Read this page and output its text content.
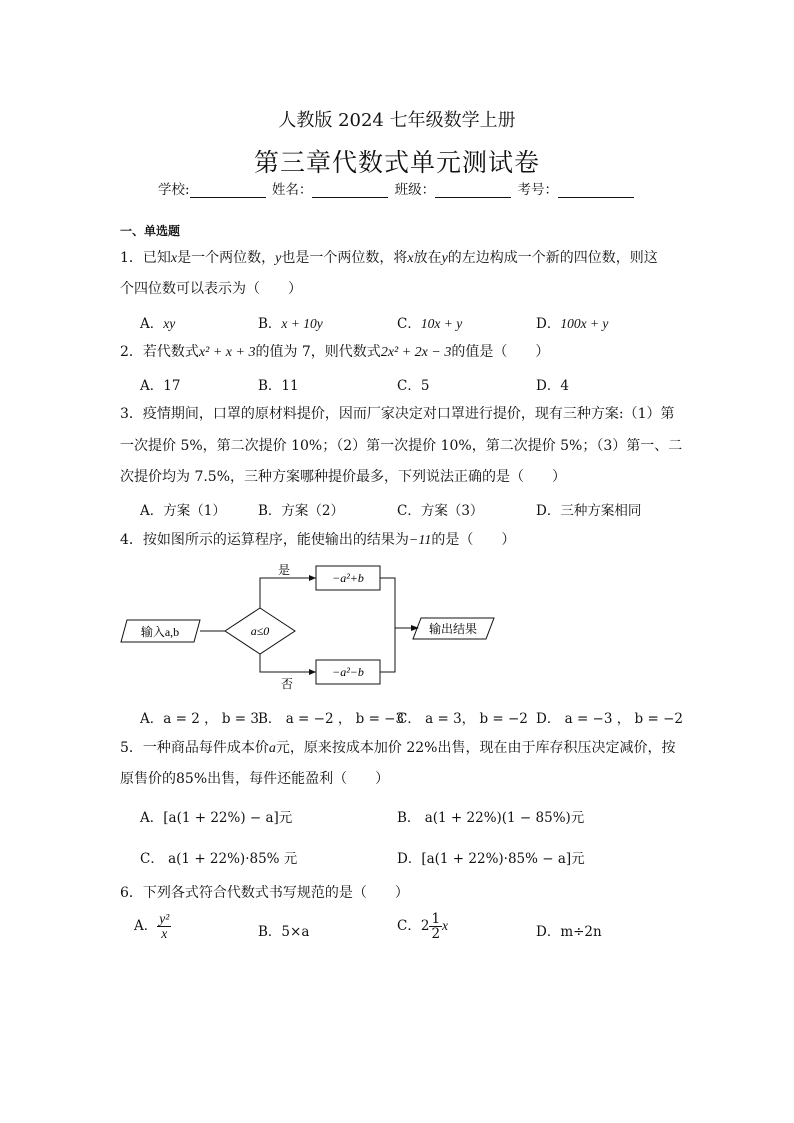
人教版 2024 七年级数学上册
第三章代数式单元测试卷
学校:	姓名：	班级：	考号：
一、单选题
1．已知x是一个两位数，y也是一个两位数，将x放在y的左边构成一个新的四位数，则这
个四位数可以表示为（　　）
A．xy	B．x + 10y	C．10x + y	D．100x + y
2．若代数式x² + x + 3的值为 7，则代数式2x² + 2x − 3的值是（　　）
A．17	B．11	C．5	D．4
3．疫情期间，口罩的原材料提价，因而厂家决定对口罩进行提价，现有三种方案:（1）第
一次提价 5%，第二次提价 10%；（2）第一次提价 10%，第二次提价 5%；（3）第一、二
次提价均为 7.5%，三种方案哪种提价最多，下列说法正确的是（　　）
A．方案（1） B．方案（2）	C．方案（3）	D．三种方案相同
4．按如图所示的运算程序，能使输出的结果为−11的是（　　）
输入a,b	a≤0
是
否
−a²+b
−a²−b
输出结果
A．a = 2 ， b = 3 B． a = −2 ， b = −3
C． a = 3， b = −2 D． a = −3 ， b = −2
5．一种商品每件成本价a元，原来按成本加价 22%出售，现在由于库存积压决定减价，按
原售价的85%出售，每件还能盈利（　　）
A．[a(1 + 22%) − a]元	B． a(1 + 22%)(1 − 85%)元
C． a(1 + 22%)·85% 元	D．[a(1 + 22%)·85% − a]元
6．下列各式符合代数式书写规范的是（　　）
A． $\frac{\text{y²}}{x}$	B．5×a	C．$2 \frac{1}{2}$ x	D．m÷2n
